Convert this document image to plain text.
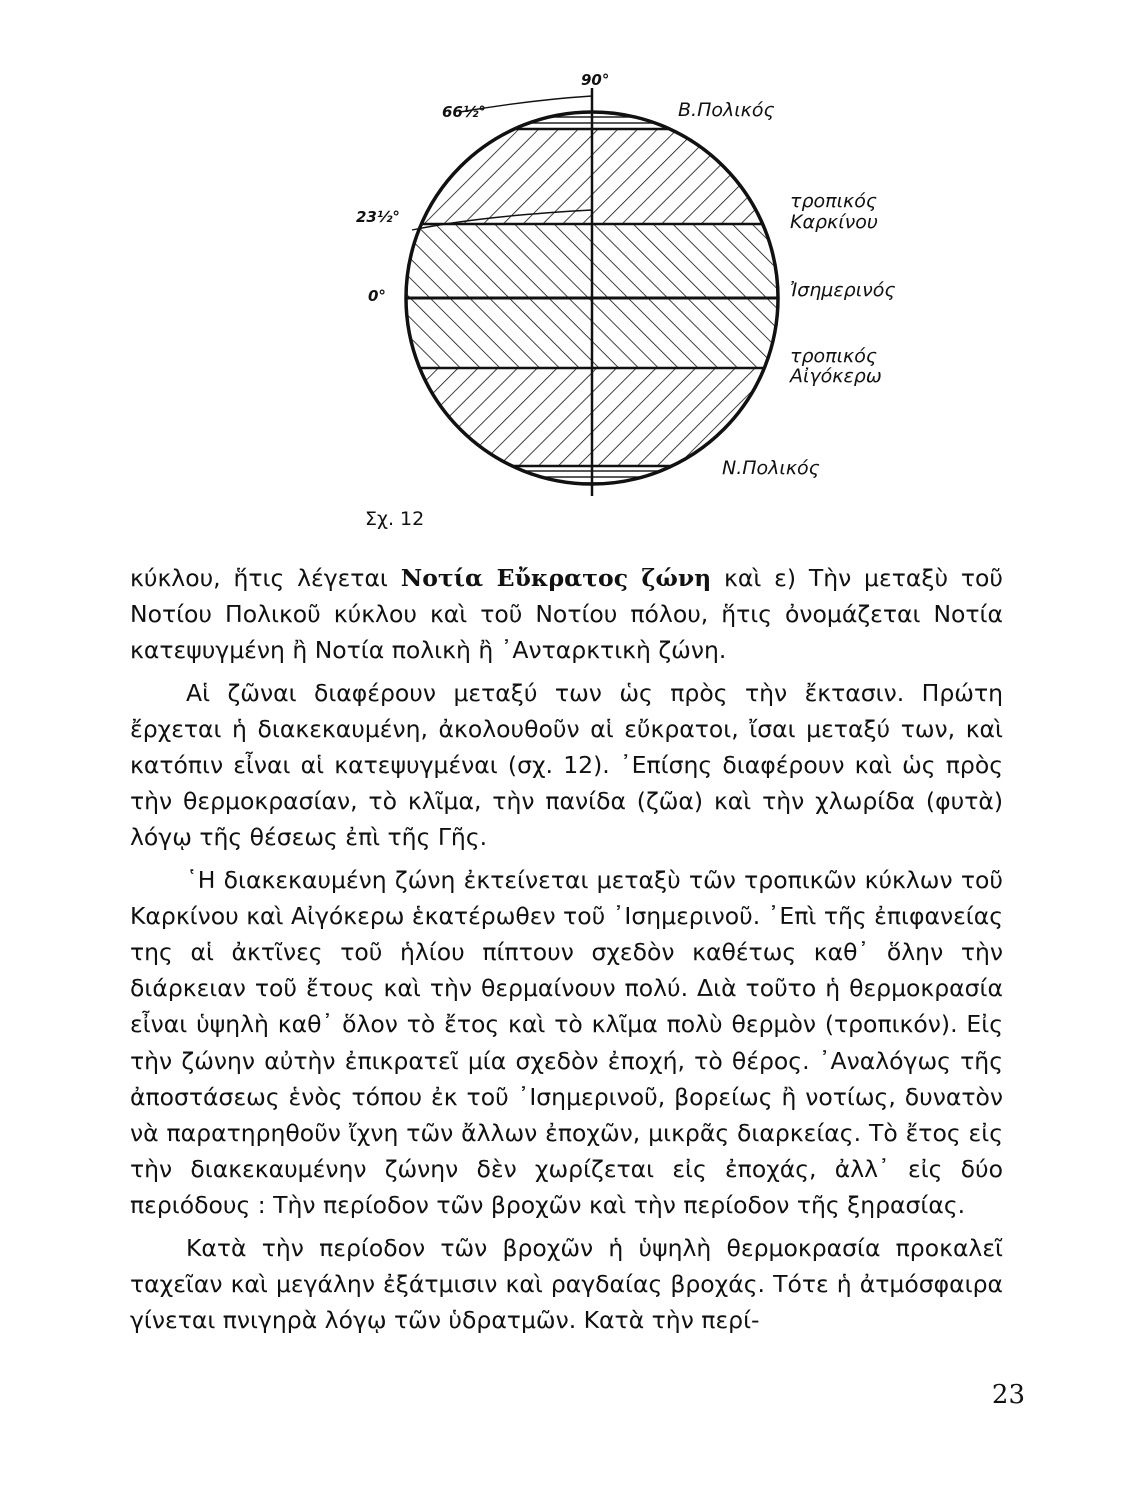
90°
66½°
23½°
0°
Β.Πολικός
τροπικός
Καρκίνου
Ἰσημερινός
τροπικός
Αἰγόκερω
Ν.Πολικός
Σχ. 12

κύκλου, ἥτις λέγεται Νοτία Εὔκρατος ζώνη καὶ ε) Τὴν μεταξὺ τοῦ Νοτίου Πολικοῦ κύκλου καὶ τοῦ Νοτίου πόλου, ἥτις ὀνομάζεται Νοτία κατεψυγμένη ἢ Νοτία πολικὴ ἢ ᾿Ανταρκτικὴ ζώνη.

Αἱ ζῶναι διαφέρουν μεταξύ των ὡς πρὸς τὴν ἔκτασιν. Πρώτη ἔρχεται ἡ διακεκαυμένη, ἀκολουθοῦν αἱ εὔκρατοι, ἴσαι μεταξύ των, καὶ κατόπιν εἶναι αἱ κατεψυγμέναι (σχ. 12). ᾿Επίσης διαφέρουν καὶ ὡς πρὸς τὴν θερμοκρασίαν, τὸ κλῖμα, τὴν πανίδα (ζῶα) καὶ τὴν χλωρίδα (φυτὰ) λόγῳ τῆς θέσεως ἐπὶ τῆς Γῆς.

῾Η διακεκαυμένη ζώνη ἐκτείνεται μεταξὺ τῶν τροπικῶν κύκλων τοῦ Καρκίνου καὶ Αἰγόκερω ἑκατέρωθεν τοῦ ᾿Ισημερινοῦ. ᾿Επὶ τῆς ἐπιφανείας της αἱ ἀκτῖνες τοῦ ἡλίου πίπτουν σχεδὸν καθέτως καθ᾿ ὅλην τὴν διάρκειαν τοῦ ἔτους καὶ τὴν θερμαίνουν πολύ. Διὰ τοῦτο ἡ θερμοκρασία εἶναι ὑψηλὴ καθ᾿ ὅλον τὸ ἔτος καὶ τὸ κλῖμα πολὺ θερμὸν (τροπικόν). Εἰς τὴν ζώνην αὐτὴν ἐπικρατεῖ μία σχεδὸν ἐποχή, τὸ θέρος. ᾿Αναλόγως τῆς ἀποστάσεως ἑνὸς τόπου ἐκ τοῦ ᾿Ισημερινοῦ, βορείως ἢ νοτίως, δυνατὸν νὰ παρατηρηθοῦν ἴχνη τῶν ἄλλων ἐποχῶν, μικρᾶς διαρκείας. Τὸ ἔτος εἰς τὴν διακεκαυμένην ζώνην δὲν χωρίζεται εἰς ἐποχάς, ἀλλ᾿ εἰς δύο περιόδους : Τὴν περίοδον τῶν βροχῶν καὶ τὴν περίοδον τῆς ξηρασίας.

Κατὰ τὴν περίοδον τῶν βροχῶν ἡ ὑψηλὴ θερμοκρασία προκαλεῖ ταχεῖαν καὶ μεγάλην ἐξάτμισιν καὶ ραγδαίας βροχάς. Τότε ἡ ἀτμόσφαιρα γίνεται πνιγηρὰ λόγῳ τῶν ὑδρατμῶν. Κατὰ τὴν περί-

23
